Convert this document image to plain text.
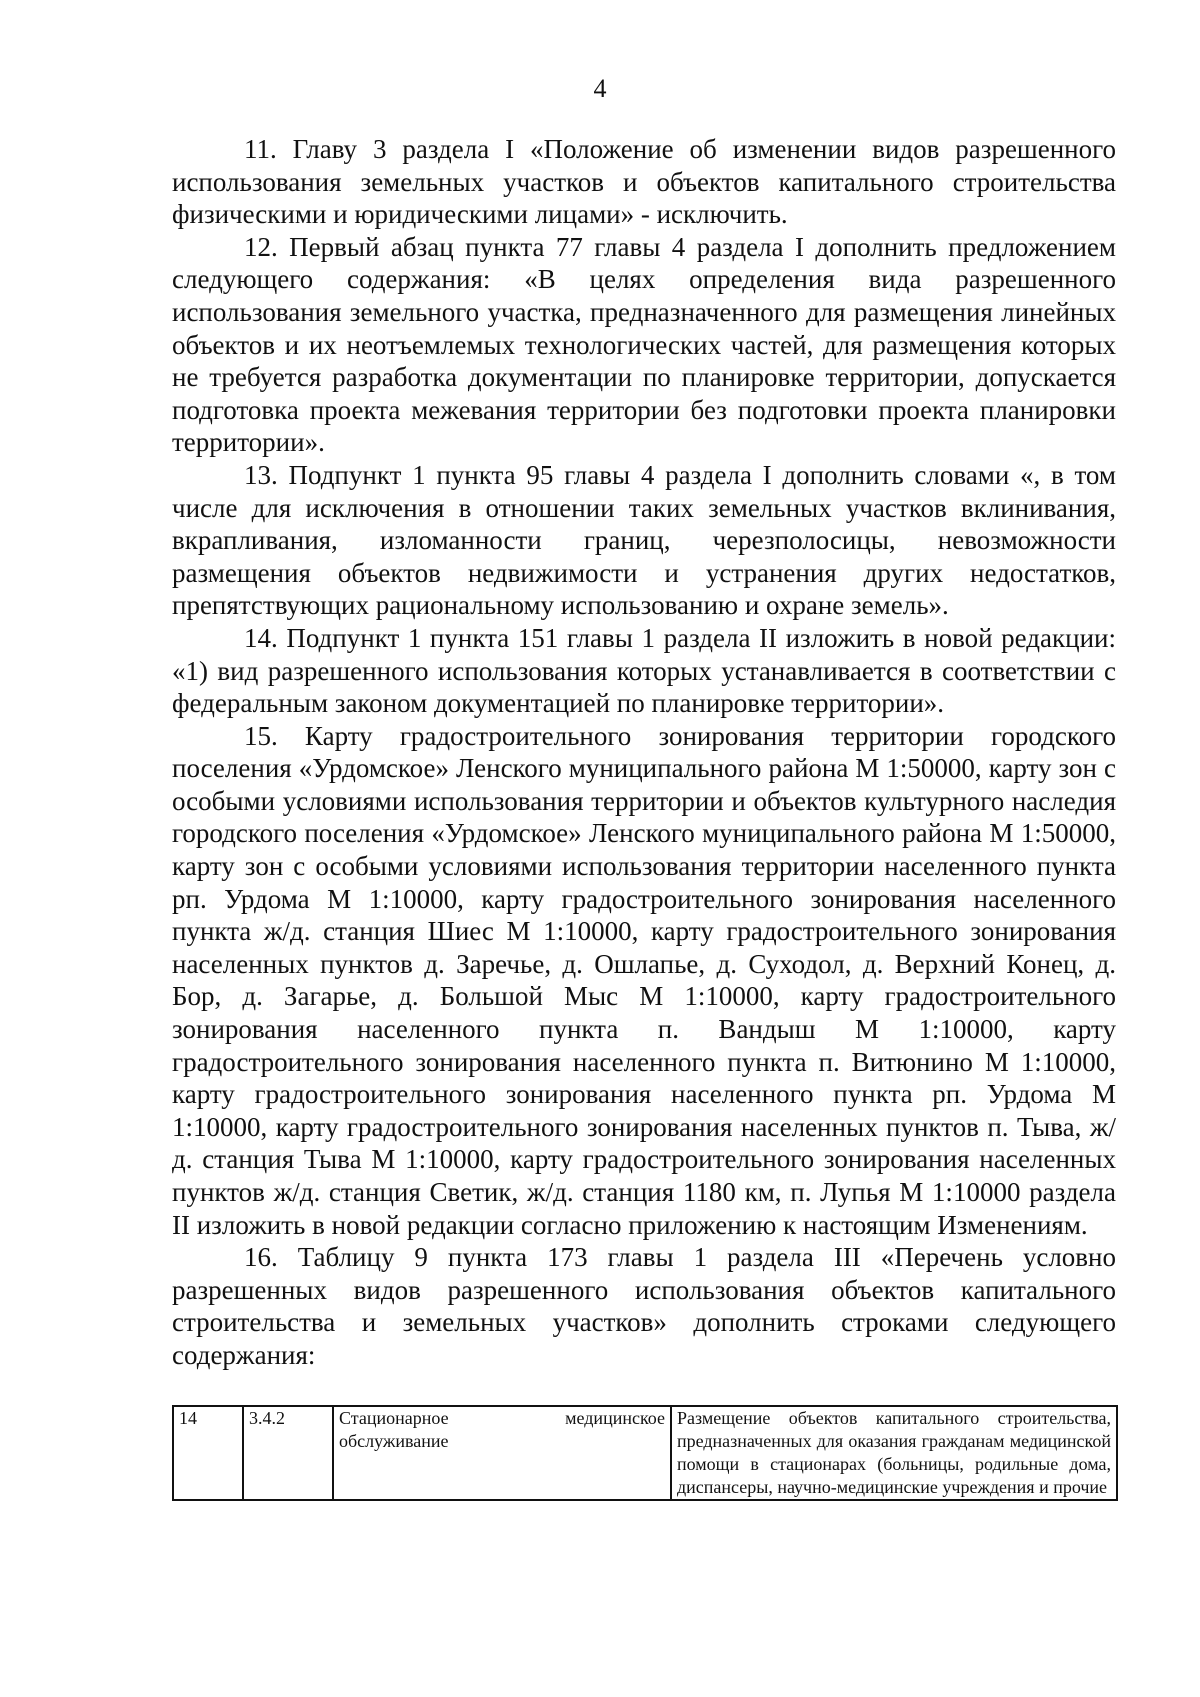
4

11. Главу 3 раздела I «Положение об изменении видов разрешенного использования земельных участков и объектов капитального строительства физическими и юридическими лицами» - исключить.

12. Первый абзац пункта 77 главы 4 раздела I дополнить предложением следующего содержания: «В целях определения вида разрешенного использования земельного участка, предназначенного для размещения линейных объектов и их неотъемлемых технологических частей, для размещения которых не требуется разработка документации по планировке территории, допускается подготовка проекта межевания территории без подготовки проекта планировки территории».

13. Подпункт 1 пункта 95 главы 4 раздела I дополнить словами «, в том числе для исключения в отношении таких земельных участков вклинивания, вкрапливания, изломанности границ, черезполосицы, невозможности размещения объектов недвижимости и устранения других недостатков, препятствующих рациональному использованию и охране земель».

14. Подпункт 1 пункта 151 главы 1 раздела II изложить в новой редакции: «1) вид разрешенного использования которых устанавливается в соответствии с федеральным законом документацией по планировке территории».

15. Карту градостроительного зонирования территории городского поселения «Урдомское» Ленского муниципального района М 1:50000, карту зон с особыми условиями использования территории и объектов культурного наследия городского поселения «Урдомское» Ленского муниципального района М 1:50000, карту зон с особыми условиями использования территории населенного пункта рп. Урдома М 1:10000, карту градостроительного зонирования населенного пункта ж/д. станция Шиес М 1:10000, карту градостроительного зонирования населенных пунктов д. Заречье, д. Ошлапье, д. Суходол, д. Верхний Конец, д. Бор, д. Загарье, д. Большой Мыс М 1:10000, карту градостроительного зонирования населенного пункта п. Вандыш М 1:10000, карту градостроительного зонирования населенного пункта п. Витюнино М 1:10000, карту градостроительного зонирования населенного пункта рп. Урдома М 1:10000, карту градостроительного зонирования населенных пунктов п. Тыва, ж/д. станция Тыва М 1:10000, карту градостроительного зонирования населенных пунктов ж/д. станция Светик, ж/д. станция 1180 км, п. Лупья М 1:10000 раздела II изложить в новой редакции согласно приложению к настоящим Изменениям.

16. Таблицу 9 пункта 173 главы 1 раздела III «Перечень условно разрешенных видов разрешенного использования объектов капитального строительства и земельных участков» дополнить строками следующего содержания:

14	3.4.2	Стационарное медицинское обслуживание	Размещение объектов капитального строительства, предназначенных для оказания гражданам медицинской помощи в стационарах (больницы, родильные дома, диспансеры, научно-медицинские учреждения и прочие
